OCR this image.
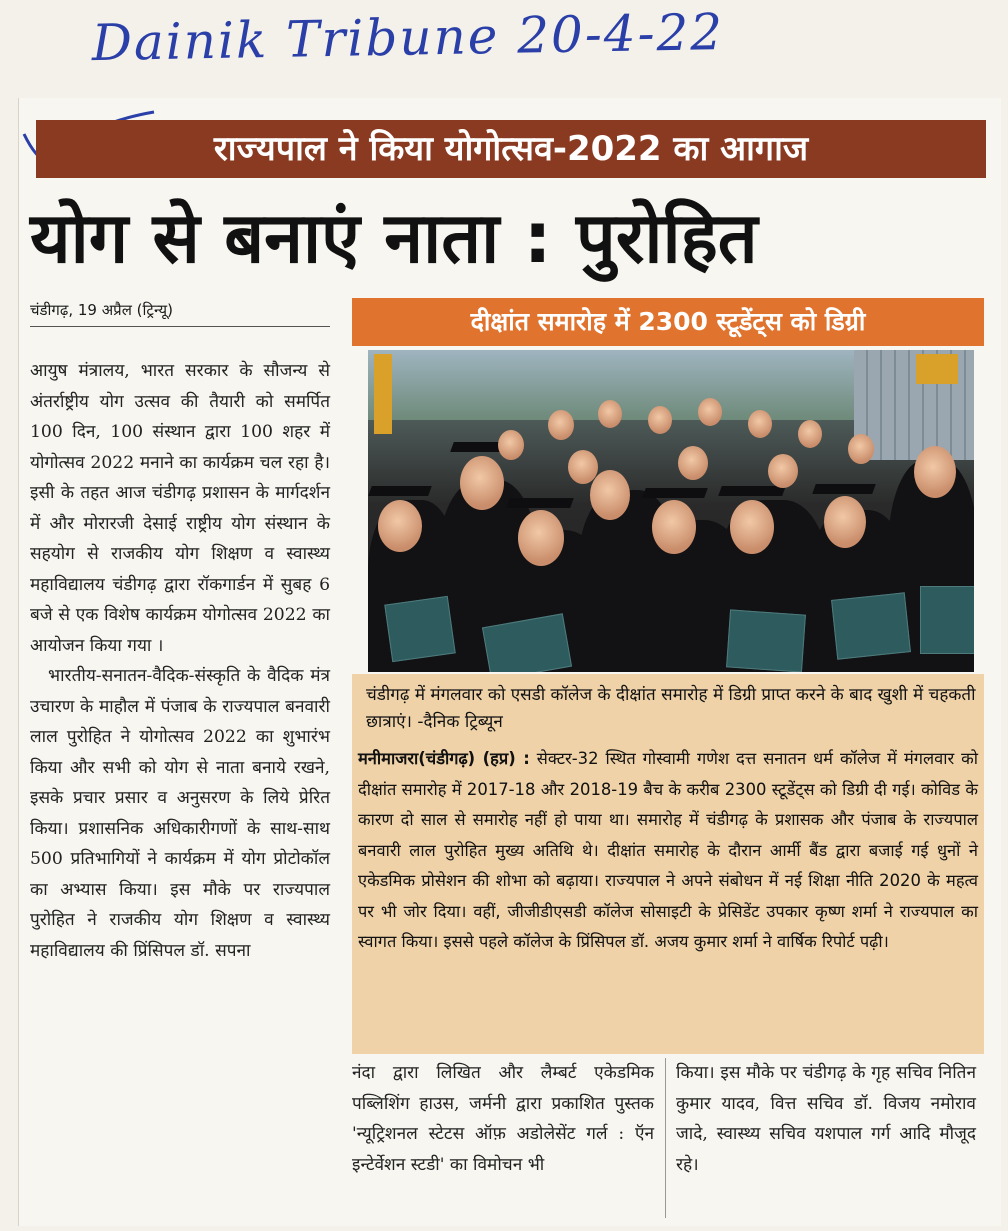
Dainik Tribune 20-4-22
राज्यपाल ने किया योगोत्सव-2022 का आगाज
योग से बनाएं नाता : पुरोहित
चंडीगढ़, 19 अप्रैल (ट्रिन्यू)

आयुष मंत्रालय, भारत सरकार के सौजन्य से अंतर्राष्ट्रीय योग उत्सव की तैयारी को समर्पित 100 दिन, 100 संस्थान द्वारा 100 शहर में योगोत्सव 2022 मनाने का कार्यक्रम चल रहा है। इसी के तहत आज चंडीगढ़ प्रशासन के मार्गदर्शन में और मोरारजी देसाई राष्ट्रीय योग संस्थान के सहयोग से राजकीय योग शिक्षण व स्वास्थ्य महाविद्यालय चंडीगढ़ द्वारा रॉकगार्डन में सुबह 6 बजे से एक विशेष कार्यक्रम योगोत्सव 2022 का आयोजन किया गया ।

भारतीय-सनातन-वैदिक-संस्कृति के वैदिक मंत्र उचारण के माहौल में पंजाब के राज्यपाल बनवारी लाल पुरोहित ने योगोत्सव 2022 का शुभारंभ किया और सभी को योग से नाता बनाये रखने, इसके प्रचार प्रसार व अनुसरण के लिये प्रेरित किया। प्रशासनिक अधिकारीगणों के साथ-साथ 500 प्रतिभागियों ने कार्यक्रम में योग प्रोटोकॉल का अभ्यास किया। इस मौके पर राज्यपाल पुरोहित ने राजकीय योग शिक्षण व स्वास्थ्य महाविद्यालय की प्रिंसिपल डॉ. सपना

दीक्षांत समारोह में 2300 स्टूडेंट्स को डिग्री
चंडीगढ़ में मंगलवार को एसडी कॉलेज के दीक्षांत समारोह में डिग्री प्राप्त करने के बाद खुशी में चहकती छात्राएं। -दैनिक ट्रिब्यून
मनीमाजरा(चंडीगढ़) (हप्र) : सेक्टर-32 स्थित गोस्वामी गणेश दत्त सनातन धर्म कॉलेज में मंगलवार को दीक्षांत समारोह में 2017-18 और 2018-19 बैच के करीब 2300 स्टूडेंट्स को डिग्री दी गई। कोविड के कारण दो साल से समारोह नहीं हो पाया था। समारोह में चंडीगढ़ के प्रशासक और पंजाब के राज्यपाल बनवारी लाल पुरोहित मुख्य अतिथि थे। दीक्षांत समारोह के दौरान आर्मी बैंड द्वारा बजाई गई धुनों ने एकेडमिक प्रोसेशन की शोभा को बढ़ाया। राज्यपाल ने अपने संबोधन में नई शिक्षा नीति 2020 के महत्व पर भी जोर दिया। वहीं, जीजीडीएसडी कॉलेज सोसाइटी के प्रेसिडेंट उपकार कृष्ण शर्मा ने राज्यपाल का स्वागत किया। इससे पहले कॉलेज के प्रिंसिपल डॉ. अजय कुमार शर्मा ने वार्षिक रिपोर्ट पढ़ी।
नंदा द्वारा लिखित और लैम्बर्ट एकेडमिक पब्लिशिंग हाउस, जर्मनी द्वारा प्रकाशित पुस्तक 'न्यूट्रिशनल स्टेटस ऑफ़ अडोलेसेंट गर्ल : ऍन इन्टेर्वेशन स्टडी' का विमोचन भी
किया। इस मौके पर चंडीगढ़ के गृह सचिव नितिन कुमार यादव, वित्त सचिव डॉ. विजय नमोराव जादे, स्वास्थ्य सचिव यशपाल गर्ग आदि मौजूद रहे।
